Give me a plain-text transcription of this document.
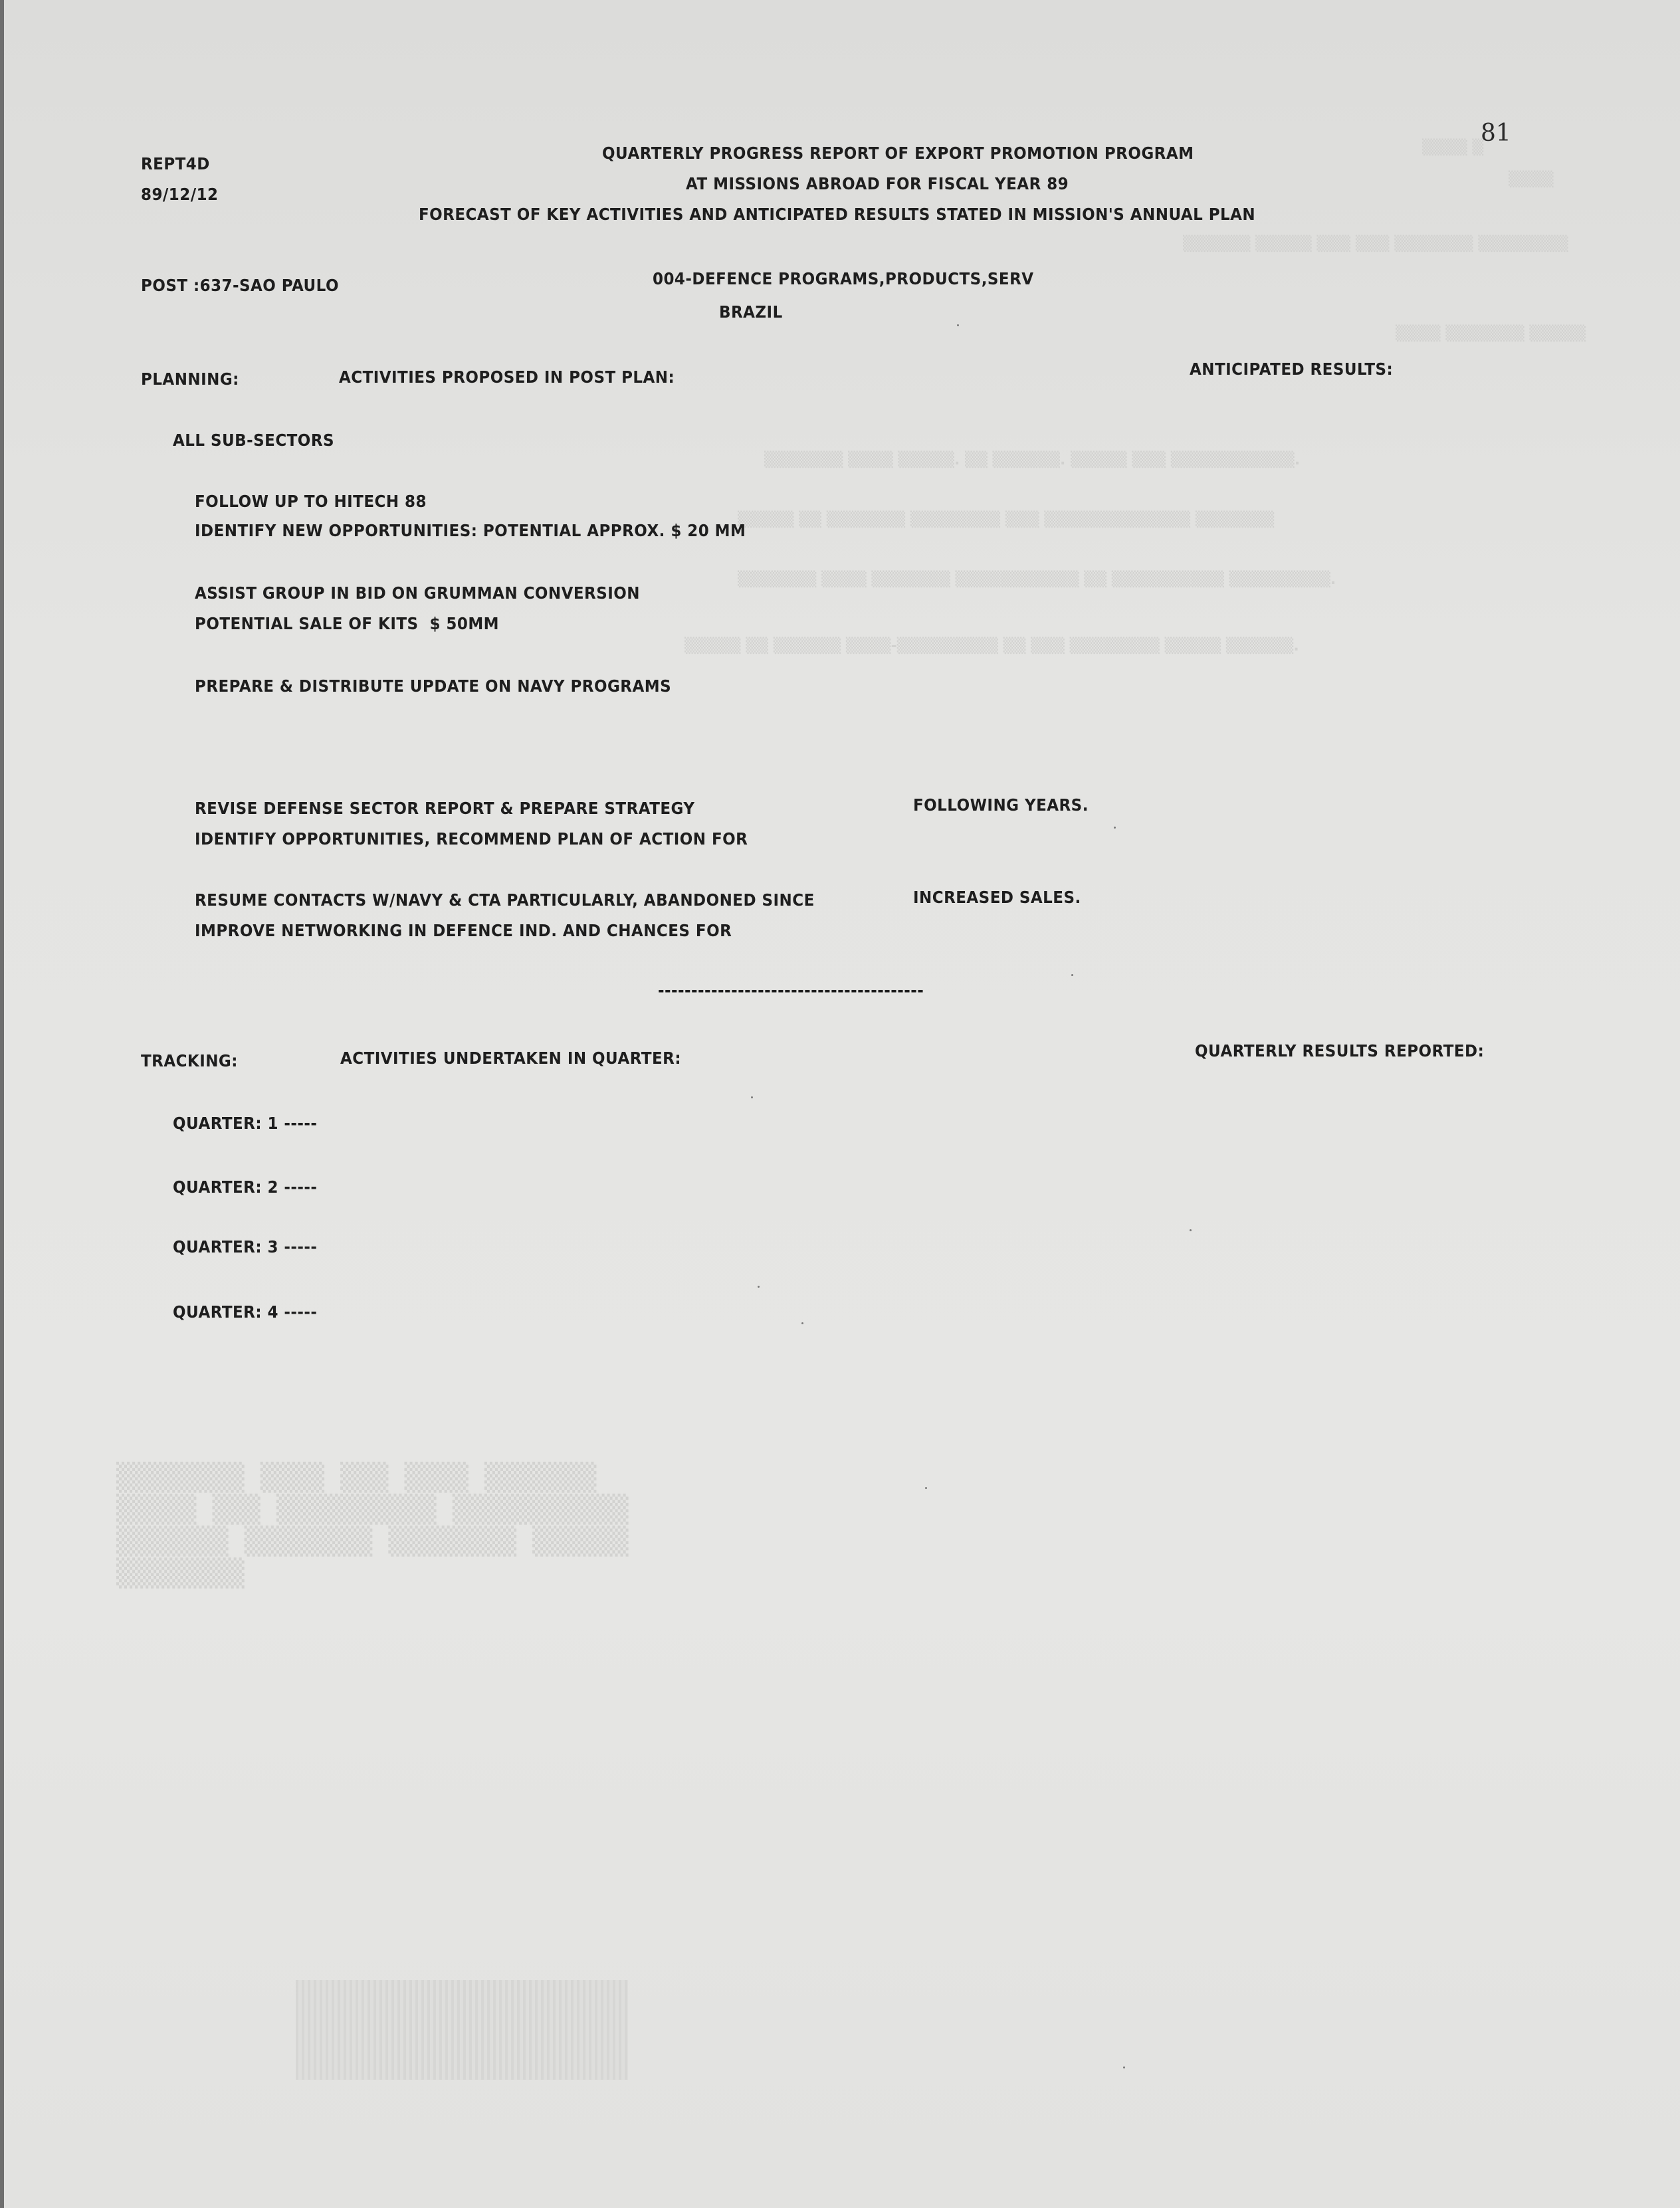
▒▒▒▒ ▒
▒▒▒▒
▒▒▒▒▒▒ ▒▒▒▒▒ ▒▒▒ ▒▒▒ ▒▒▒▒▒▒▒ ▒▒▒▒▒▒▒▒
▒▒▒▒ ▒▒▒▒▒▒▒ ▒▒▒▒▒
▒▒▒▒▒▒▒ ▒▒▒▒ ▒▒▒▒▒. ▒▒ ▒▒▒▒▒▒. ▒▒▒▒▒ ▒▒▒ ▒▒▒▒▒▒▒▒▒▒▒.
▒▒▒▒▒ ▒▒ ▒▒▒▒▒▒▒ ▒▒▒▒▒▒▒▒ ▒▒▒ ▒▒▒▒▒▒▒▒▒▒▒▒▒ ▒▒▒▒▒▒▒
▒▒▒▒▒▒▒ ▒▒▒▒ ▒▒▒▒▒▒▒ ▒▒▒▒▒▒▒▒▒▒▒ ▒▒ ▒▒▒▒▒▒▒▒▒▒ ▒▒▒▒▒▒▒▒▒.
▒▒▒▒▒ ▒▒ ▒▒▒▒▒▒ ▒▒▒▒-▒▒▒▒▒▒▒▒▒ ▒▒ ▒▒▒ ▒▒▒▒▒▒▒▒ ▒▒▒▒▒ ▒▒▒▒▒▒.
▒▒▒▒▒▒▒▒ ▒▒▒▒ ▒▒▒ ▒▒▒▒ ▒▒▒▒▒▒▒
▒▒▒▒▒ ▒▒▒ ▒▒▒▒▒▒▒▒▒▒ ▒▒▒▒▒▒▒▒▒▒▒
▒▒▒▒▒▒▒ ▒▒▒▒▒▒▒▒ ▒▒▒▒▒▒▒▒ ▒▒▒▒▒▒
▒▒▒▒▒▒▒▒
81
REPT4D
89/12/12
QUARTERLY PROGRESS REPORT OF EXPORT PROMOTION PROGRAM
AT MISSIONS ABROAD FOR FISCAL YEAR 89
FORECAST OF KEY ACTIVITIES AND ANTICIPATED RESULTS STATED IN MISSION'S ANNUAL PLAN
POST :637-SAO PAULO	004-DEFENCE PROGRAMS,PRODUCTS,SERV
BRAZIL
PLANNING:	ACTIVITIES PROPOSED IN POST PLAN:	ANTICIPATED RESULTS:
ALL SUB-SECTORS
FOLLOW UP TO HITECH 88
IDENTIFY NEW OPPORTUNITIES: POTENTIAL APPROX. $ 20 MM
ASSIST GROUP IN BID ON GRUMMAN CONVERSION
POTENTIAL SALE OF KITS  $ 50MM
PREPARE & DISTRIBUTE UPDATE ON NAVY PROGRAMS
REVISE DEFENSE SECTOR REPORT & PREPARE STRATEGY	FOLLOWING YEARS.
IDENTIFY OPPORTUNITIES, RECOMMEND PLAN OF ACTION FOR
RESUME CONTACTS W/NAVY & CTA PARTICULARLY, ABANDONED SINCE	INCREASED SALES.
IMPROVE NETWORKING IN DEFENCE IND. AND CHANCES FOR
----------------------------------------
TRACKING:	ACTIVITIES UNDERTAKEN IN QUARTER:	QUARTERLY RESULTS REPORTED:
QUARTER: 1 -----
QUARTER: 2 -----
QUARTER: 3 -----
QUARTER: 4 -----
